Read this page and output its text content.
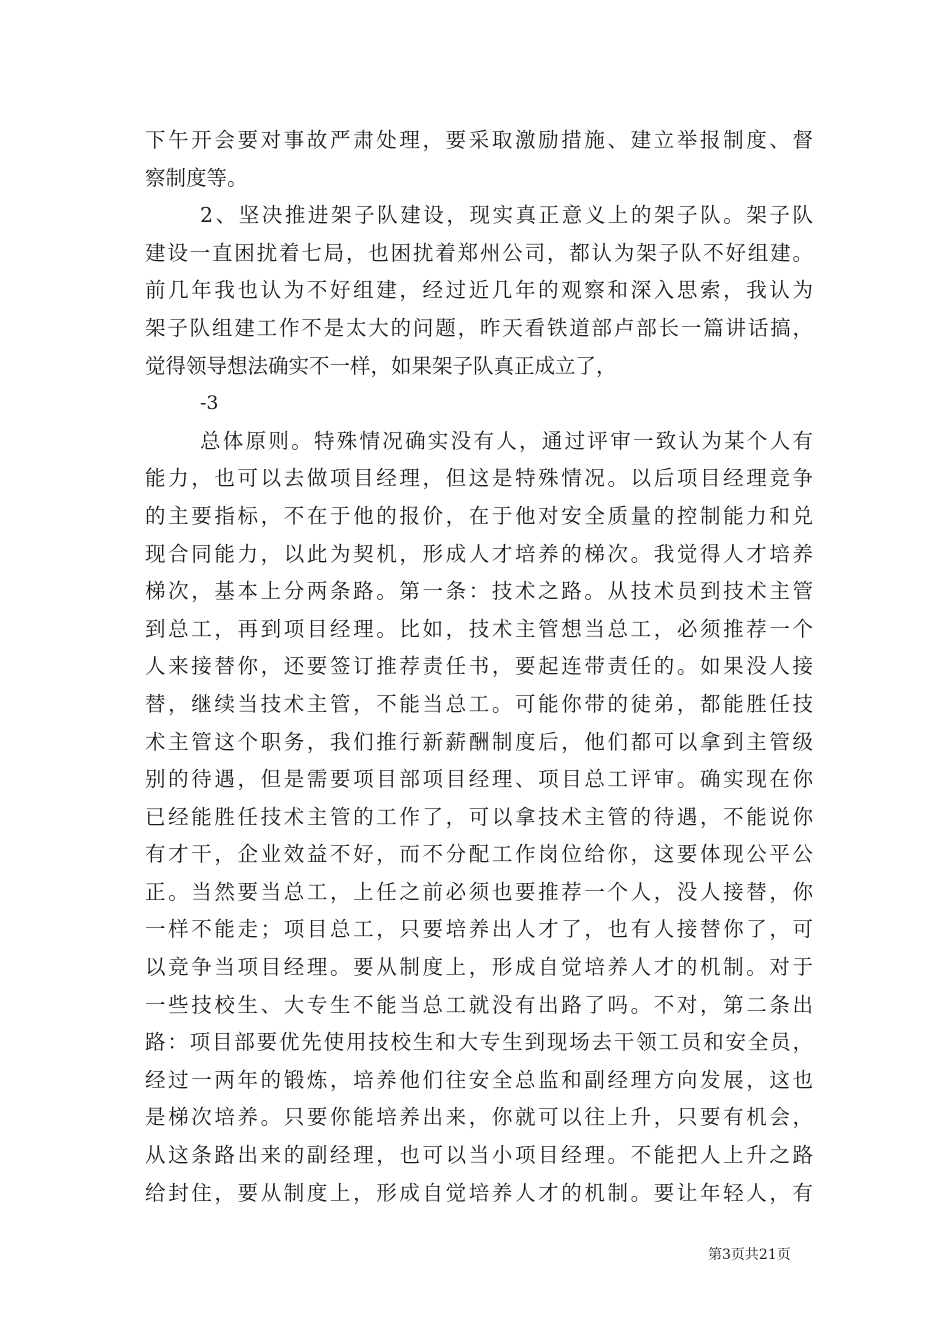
下午开会要对事故严肃处理，要采取激励措施、建立举报制度、督
察制度等。
2、坚决推进架子队建设，现实真正意义上的架子队。架子队
建设一直困扰着七局，也困扰着郑州公司，都认为架子队不好组建。
前几年我也认为不好组建，经过近几年的观察和深入思索，我认为
架子队组建工作不是太大的问题，昨天看铁道部卢部长一篇讲话搞，
觉得领导想法确实不一样，如果架子队真正成立了，
-3
总体原则。特殊情况确实没有人，通过评审一致认为某个人有
能力，也可以去做项目经理，但这是特殊情况。以后项目经理竞争
的主要指标，不在于他的报价，在于他对安全质量的控制能力和兑
现合同能力，以此为契机，形成人才培养的梯次。我觉得人才培养
梯次，基本上分两条路。第一条：技术之路。从技术员到技术主管
到总工，再到项目经理。比如，技术主管想当总工，必须推荐一个
人来接替你，还要签订推荐责任书，要起连带责任的。如果没人接
替，继续当技术主管，不能当总工。可能你带的徒弟，都能胜任技
术主管这个职务，我们推行新薪酬制度后，他们都可以拿到主管级
别的待遇，但是需要项目部项目经理、项目总工评审。确实现在你
已经能胜任技术主管的工作了，可以拿技术主管的待遇，不能说你
有才干，企业效益不好，而不分配工作岗位给你，这要体现公平公
正。当然要当总工，上任之前必须也要推荐一个人，没人接替，你
一样不能走；项目总工，只要培养出人才了，也有人接替你了，可
以竞争当项目经理。要从制度上，形成自觉培养人才的机制。对于
一些技校生、大专生不能当总工就没有出路了吗。不对，第二条出
路：项目部要优先使用技校生和大专生到现场去干领工员和安全员，
经过一两年的锻炼，培养他们往安全总监和副经理方向发展，这也
是梯次培养。只要你能培养出来，你就可以往上升，只要有机会，
从这条路出来的副经理，也可以当小项目经理。不能把人上升之路
给封住，要从制度上，形成自觉培养人才的机制。要让年轻人，有
第3页共21页
